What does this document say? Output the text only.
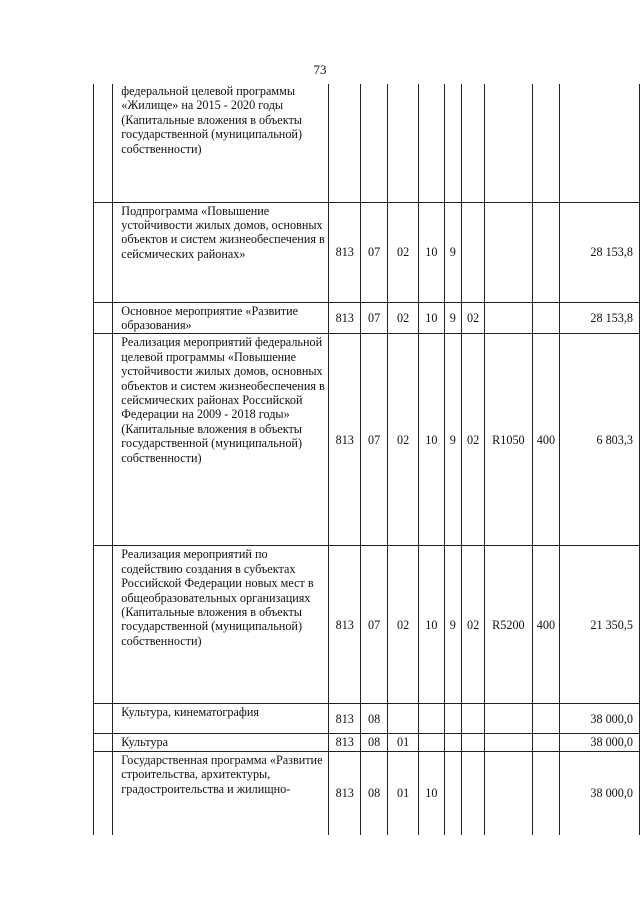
73
	федеральной целевой программы «Жилище» на 2015 - 2020 годы (Капитальные вложения в объекты государственной (муниципальной) собственности)									
	Подпрограмма «Повышение устойчивости жилых домов, основных объектов и систем жизнеобеспечения в сейсмических районах»	813	07	02	10	9				28 153,8
	Основное мероприятие «Развитие образования»	813	07	02	10	9	02			28 153,8
	Реализация мероприятий федеральной целевой программы «Повышение устойчивости жилых домов, основных объектов и систем жизнеобеспечения в сейсмических районах Российской Федерации на 2009 - 2018 годы» (Капитальные вложения в объекты государственной (муниципальной) собственности)	813	07	02	10	9	02	R1050	400	6 803,3
	Реализация мероприятий по содействию создания в субъектах Российской Федерации новых мест в общеобразовательных организациях (Капитальные вложения в объекты государственной (муниципальной) собственности)	813	07	02	10	9	02	R5200	400	21 350,5
	Культура, кинематография	813	08							38 000,0
	Культура	813	08	01						38 000,0
	Государственная программа «Развитие строительства, архитектуры, градостроительства и жилищно-	813	08	01	10					38 000,0
